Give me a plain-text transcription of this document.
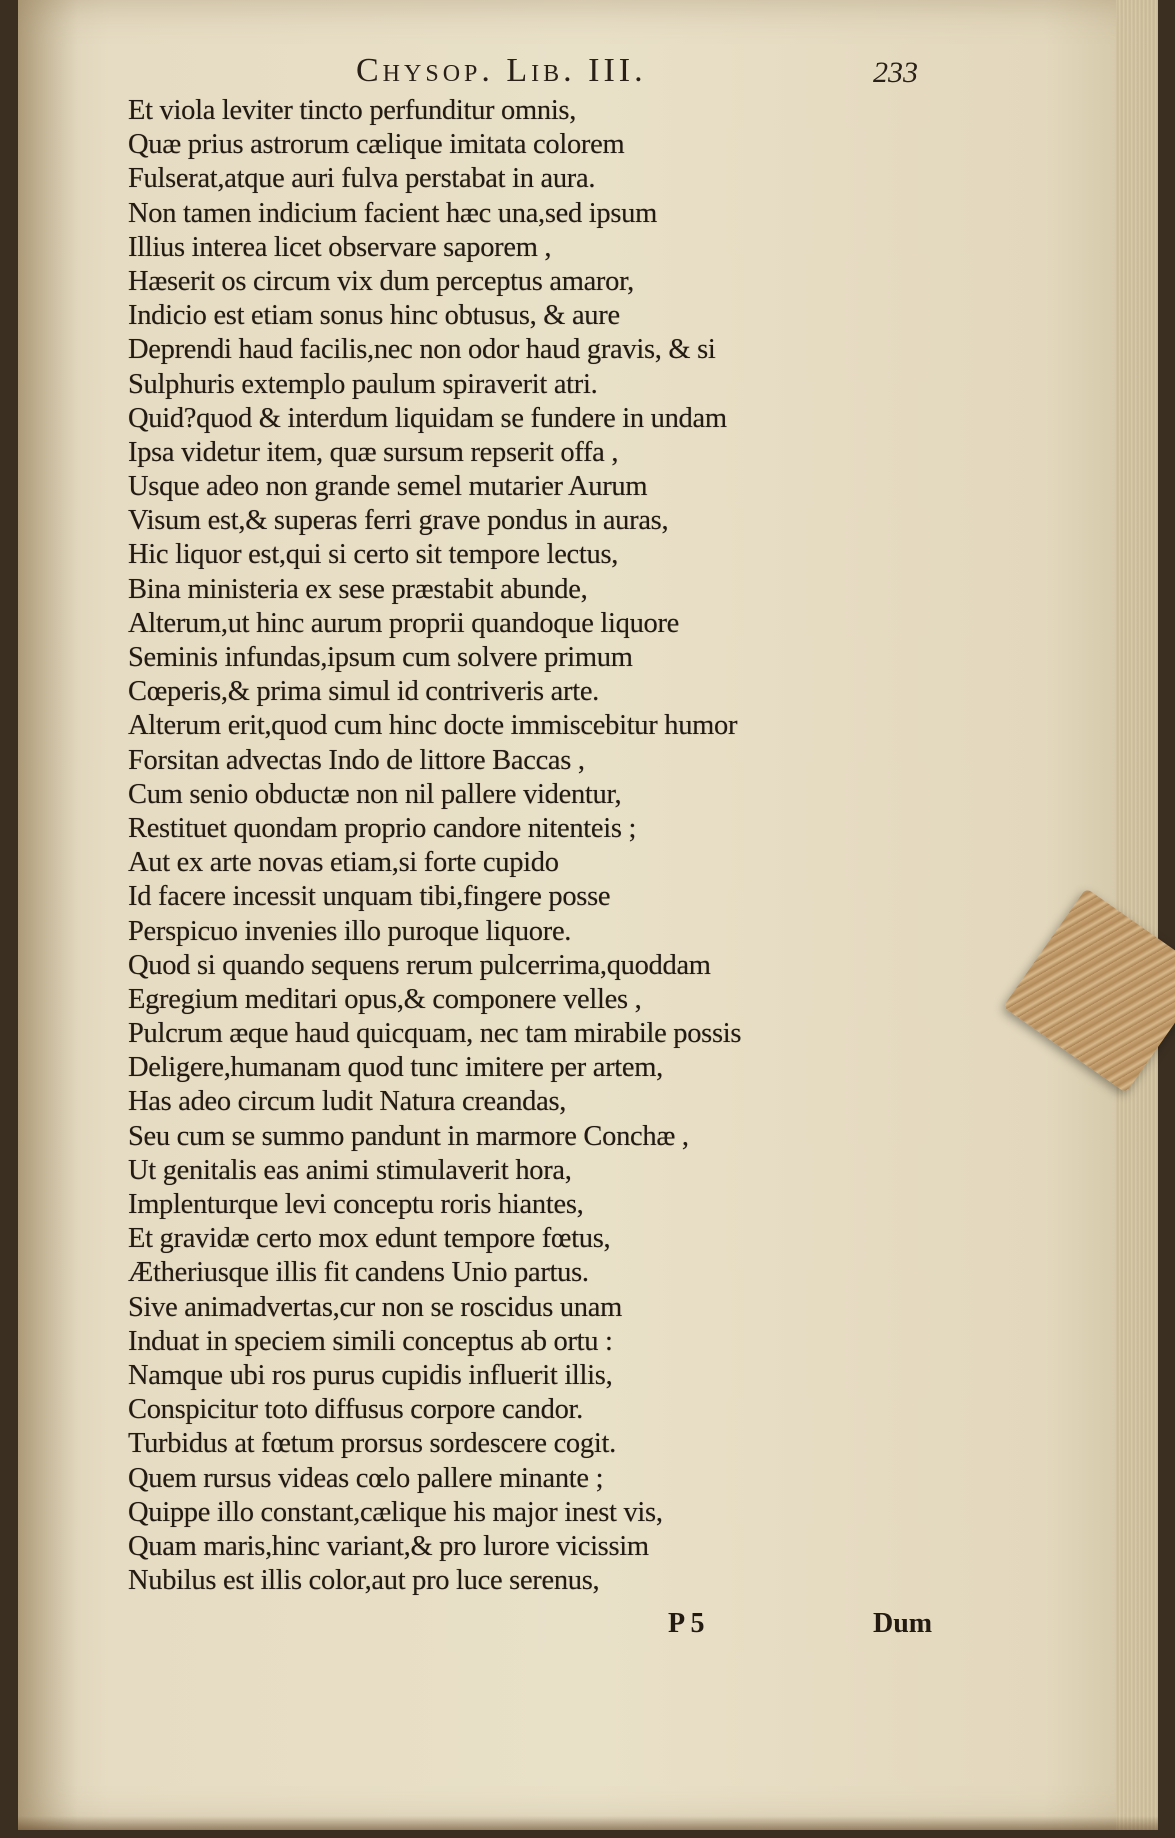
Chysop. Lib. III.	233
Et viola leviter tincto perfunditur omnis,
Quæ prius astrorum cælique imitata colorem
Fulserat,atque auri fulva perstabat in aura.
Non tamen indicium facient hæc una,sed ipsum
Illius interea licet observare saporem ,
Hæserit os circum vix dum perceptus amaror,
Indicio est etiam sonus hinc obtusus, & aure
Deprendi haud facilis,nec non odor haud gravis, & si
Sulphuris extemplo paulum spiraverit atri.
Quid?quod & interdum liquidam se fundere in undam
Ipsa videtur item, quæ sursum repserit offa ,
Usque adeo non grande semel mutarier Aurum
Visum est,& superas ferri grave pondus in auras,
Hic liquor est,qui si certo sit tempore lectus,
Bina ministeria ex sese præstabit abunde,
Alterum,ut hinc aurum proprii quandoque liquore
Seminis infundas,ipsum cum solvere primum
Cœperis,& prima simul id contriveris arte.
Alterum erit,quod cum hinc docte immiscebitur humor
Forsitan advectas Indo de littore Baccas ,
Cum senio obductæ non nil pallere videntur,
Restituet quondam proprio candore nitenteis ;
Aut ex arte novas etiam,si forte cupido
Id facere incessit unquam tibi,fingere posse
Perspicuo invenies illo puroque liquore.
Quod si quando sequens rerum pulcerrima,quoddam
Egregium meditari opus,& componere velles ,
Pulcrum æque haud quicquam, nec tam mirabile possis
Deligere,humanam quod tunc imitere per artem,
Has adeo circum ludit Natura creandas,
Seu cum se summo pandunt in marmore Conchæ ,
Ut genitalis eas animi stimulaverit hora,
Implenturque levi conceptu roris hiantes,
Et gravidæ certo mox edunt tempore fœtus,
Ætheriusque illis fit candens Unio partus.
Sive animadvertas,cur non se roscidus unam
Induat in speciem simili conceptus ab ortu :
Namque ubi ros purus cupidis influerit illis,
Conspicitur toto diffusus corpore candor.
Turbidus at fœtum prorsus sordescere cogit.
Quem rursus videas cœlo pallere minante ;
Quippe illo constant,cælique his major inest vis,
Quam maris,hinc variant,& pro lurore vicissim
Nubilus est illis color,aut pro luce serenus,
P 5	Dum
